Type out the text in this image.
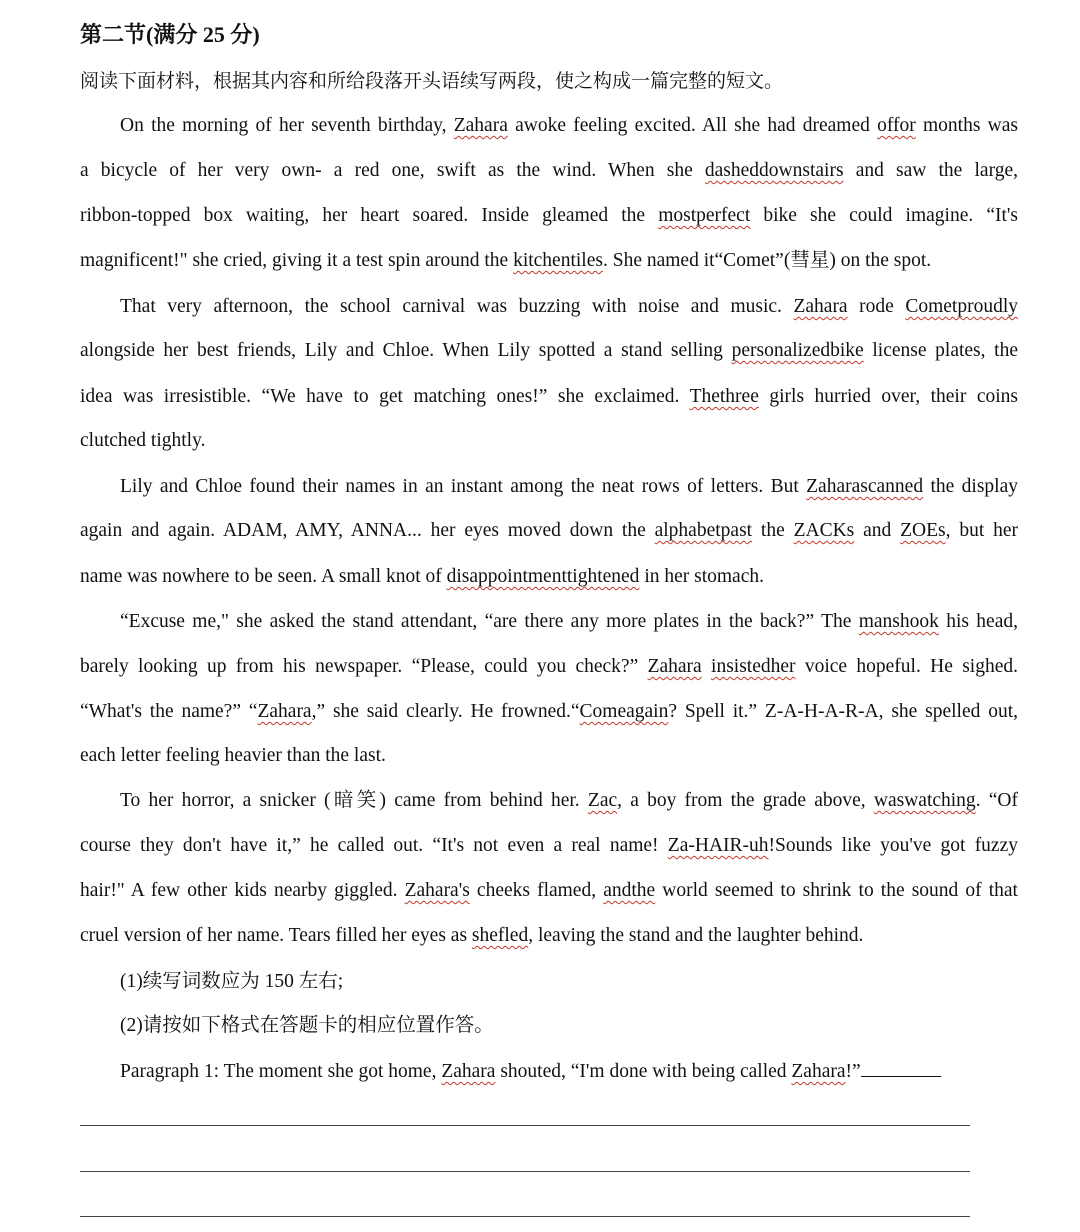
第二节(满分 25 分)
阅读下面材料，根据其内容和所给段落开头语续写两段，使之构成一篇完整的短文。
On the morning of her seventh birthday, Zahara awoke feeling excited. All she had dreamed offor months was
a bicycle of her very own- a red one, swift as the wind. When she dasheddownstairs and saw the large,
ribbon-topped box waiting, her heart soared. Inside gleamed the mostperfect bike she could imagine. “It's
magnificent!" she cried, giving it a test spin around the kitchentiles. She named it“Comet”(彗星) on the spot.
That very afternoon, the school carnival was buzzing with noise and music. Zahara rode Cometproudly
alongside her best friends, Lily and Chloe. When Lily spotted a stand selling personalizedbike license plates, the
idea was irresistible. “We have to get matching ones!” she exclaimed. Thethree girls hurried over, their coins
clutched tightly.
Lily and Chloe found their names in an instant among the neat rows of letters. But Zaharascanned the display
again and again. ADAM, AMY, ANNA... her eyes moved down the alphabetpast the ZACKs and ZOEs, but her
name was nowhere to be seen. A small knot of disappointmenttightened in her stomach.
“Excuse me," she asked the stand attendant, “are there any more plates in the back?” The manshook his head,
barely looking up from his newspaper. “Please, could you check?” Zahara insistedher voice hopeful. He sighed.
“What's the name?” “Zahara,” she said clearly. He frowned.“Comeagain? Spell it.” Z-A-H-A-R-A, she spelled out,
each letter feeling heavier than the last.
To her horror, a snicker (暗笑) came from behind her. Zac, a boy from the grade above, waswatching. “Of
course they don't have it,” he called out. “It's not even a real name! Za-HAIR-uh!Sounds like you've got fuzzy
hair!" A few other kids nearby giggled. Zahara's cheeks flamed, andthe world seemed to shrink to the sound of that
cruel version of her name. Tears filled her eyes as shefled, leaving the stand and the laughter behind.
(1)续写词数应为 150 左右;
(2)请按如下格式在答题卡的相应位置作答。
Paragraph 1: The moment she got home, Zahara shouted, “I'm done with being called Zahara!”
